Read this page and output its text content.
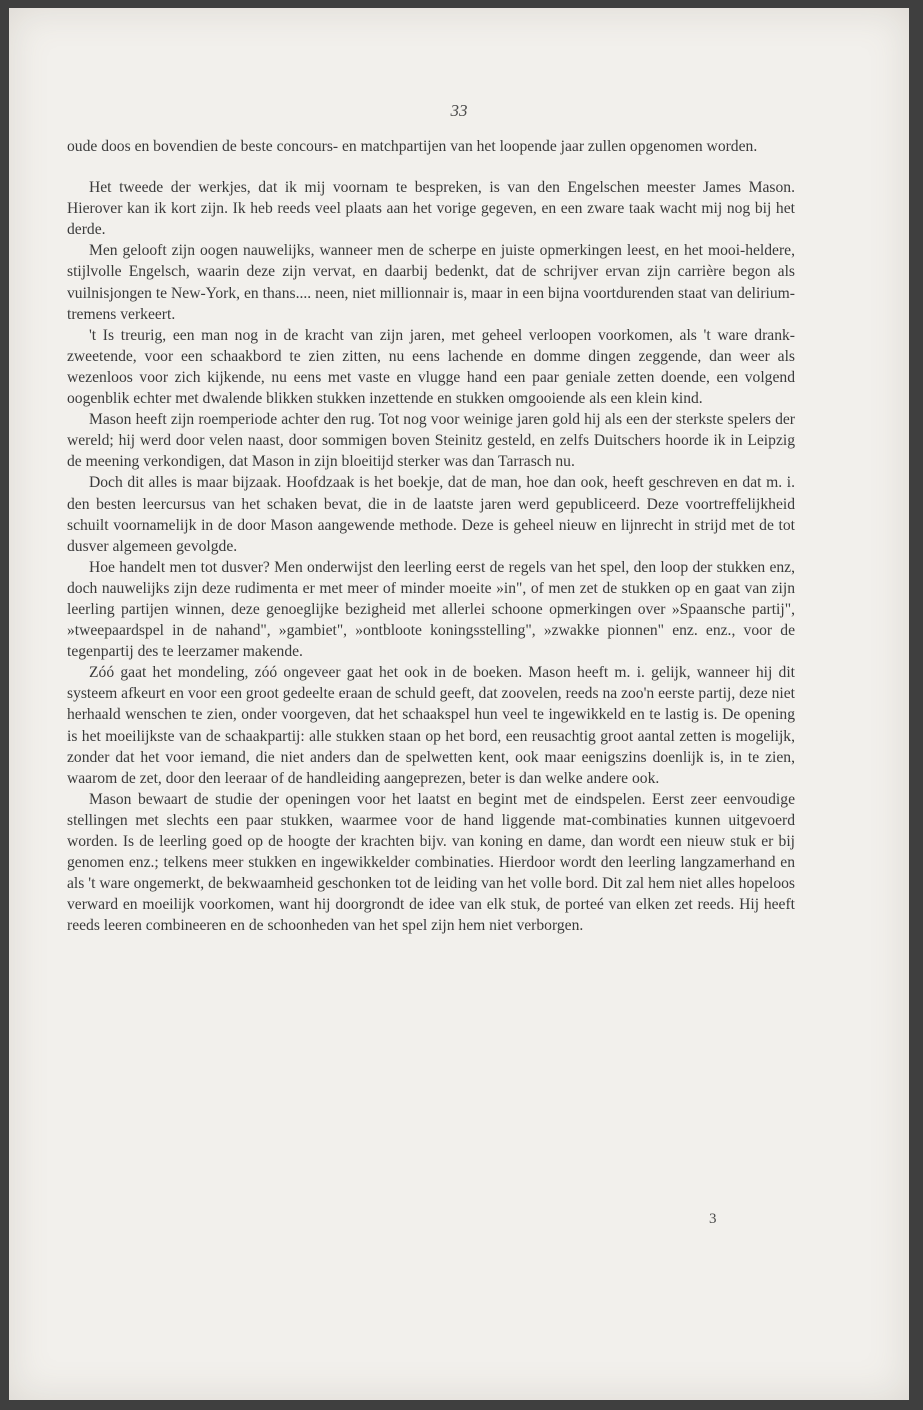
33

oude doos en bovendien de beste concours- en matchpartijen van het loopende jaar zullen opgenomen worden.

Het tweede der werkjes, dat ik mij voornam te bespreken, is van den Engelschen meester James Mason. Hierover kan ik kort zijn. Ik heb reeds veel plaats aan het vorige gegeven, en een zware taak wacht mij nog bij het derde.

Men gelooft zijn oogen nauwelijks, wanneer men de scherpe en juiste opmerkingen leest, en het mooi-heldere, stijlvolle Engelsch, waarin deze zijn vervat, en daarbij bedenkt, dat de schrijver ervan zijn carrière begon als vuilnisjongen te New-York, en thans.... neen, niet millionnair is, maar in een bijna voortdurenden staat van delirium-tremens verkeert.

't Is treurig, een man nog in de kracht van zijn jaren, met geheel verloopen voorkomen, als 't ware drank-zweetende, voor een schaakbord te zien zitten, nu eens lachende en domme dingen zeggende, dan weer als wezenloos voor zich kijkende, nu eens met vaste en vlugge hand een paar geniale zetten doende, een volgend oogenblik echter met dwalende blikken stukken inzettende en stukken omgooiende als een klein kind.

Mason heeft zijn roemperiode achter den rug. Tot nog voor weinige jaren gold hij als een der sterkste spelers der wereld; hij werd door velen naast, door sommigen boven Steinitz gesteld, en zelfs Duitschers hoorde ik in Leipzig de meening verkondigen, dat Mason in zijn bloeitijd sterker was dan Tarrasch nu.

Doch dit alles is maar bijzaak. Hoofdzaak is het boekje, dat de man, hoe dan ook, heeft geschreven en dat m. i. den besten leercursus van het schaken bevat, die in de laatste jaren werd gepubliceerd. Deze voortreffelijkheid schuilt voornamelijk in de door Mason aangewende methode. Deze is geheel nieuw en lijnrecht in strijd met de tot dusver algemeen gevolgde.

Hoe handelt men tot dusver? Men onderwijst den leerling eerst de regels van het spel, den loop der stukken enz, doch nauwelijks zijn deze rudimenta er met meer of minder moeite »in", of men zet de stukken op en gaat van zijn leerling partijen winnen, deze genoeglijke bezigheid met allerlei schoone opmerkingen over »Spaansche partij", »tweepaardspel in de nahand", »gambiet", »ontbloote koningsstelling", »zwakke pionnen" enz. enz., voor de tegenpartij des te leerzamer makende.

Zóó gaat het mondeling, zóó ongeveer gaat het ook in de boeken. Mason heeft m. i. gelijk, wanneer hij dit systeem afkeurt en voor een groot gedeelte eraan de schuld geeft, dat zoovelen, reeds na zoo'n eerste partij, deze niet herhaald wenschen te zien, onder voorgeven, dat het schaakspel hun veel te ingewikkeld en te lastig is. De opening is het moeilijkste van de schaakpartij: alle stukken staan op het bord, een reusachtig groot aantal zetten is mogelijk, zonder dat het voor iemand, die niet anders dan de spelwetten kent, ook maar eenigszins doenlijk is, in te zien, waarom de zet, door den leeraar of de handleiding aangeprezen, beter is dan welke andere ook.

Mason bewaart de studie der openingen voor het laatst en begint met de eindspelen. Eerst zeer eenvoudige stellingen met slechts een paar stukken, waarmee voor de hand liggende mat-combinaties kunnen uitgevoerd worden. Is de leerling goed op de hoogte der krachten bijv. van koning en dame, dan wordt een nieuw stuk er bij genomen enz.; telkens meer stukken en ingewikkelder combinaties. Hierdoor wordt den leerling langzamerhand en als 't ware ongemerkt, de bekwaamheid geschonken tot de leiding van het volle bord. Dit zal hem niet alles hopeloos verward en moeilijk voorkomen, want hij doorgrondt de idee van elk stuk, de porteé van elken zet reeds. Hij heeft reeds leeren combineeren en de schoonheden van het spel zijn hem niet verborgen.

3
